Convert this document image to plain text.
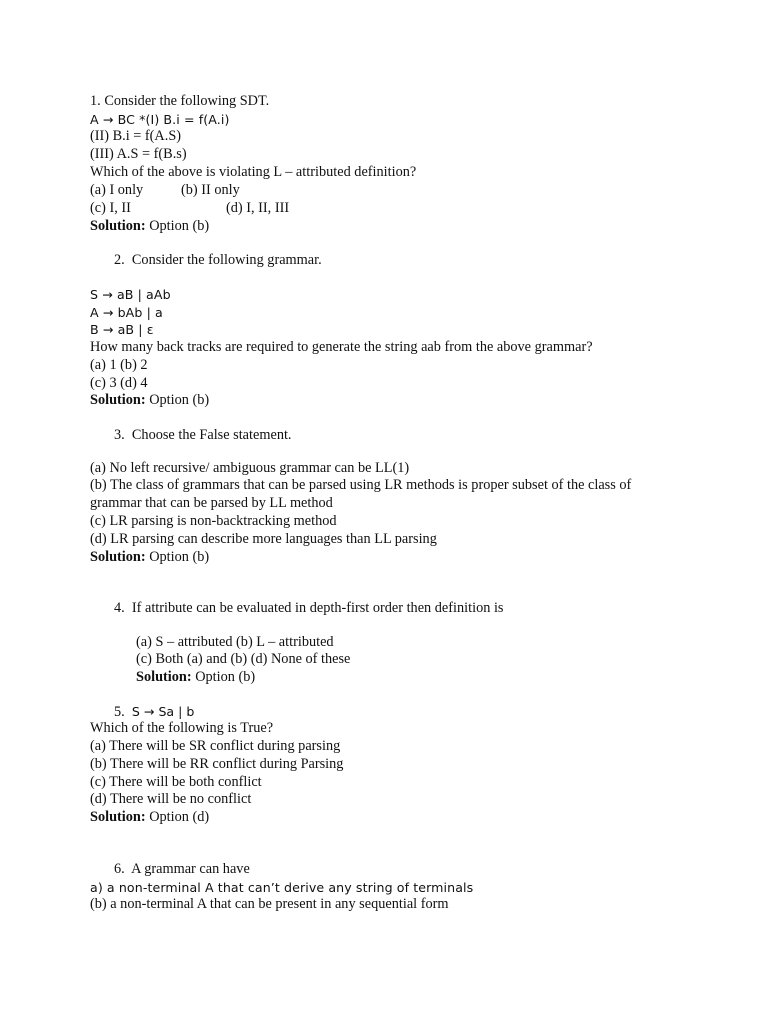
1. Consider the following SDT.
A → BC *(I) B.i = f(A.i)
(II) B.i = f(A.S)
(III) A.S = f(B.s)
Which of the above is violating L – attributed definition?
(a) I only	(b) II only
(c) I, II	(d) I, II, III
Solution: Option (b)
2. Consider the following grammar.
S → aB | aAb
A → bAb | a
B → aB | ε
How many back tracks are required to generate the string aab from the above grammar?
(a) 1 (b) 2
(c) 3 (d) 4
Solution: Option (b)
3. Choose the False statement.
(a) No left recursive/ ambiguous grammar can be LL(1)
(b) The class of grammars that can be parsed using LR methods is proper subset of the class of
grammar that can be parsed by LL method
(c) LR parsing is non-backtracking method
(d) LR parsing can describe more languages than LL parsing
Solution: Option (b)
4. If attribute can be evaluated in depth-first order then definition is
(a) S – attributed (b) L – attributed
(c) Both (a) and (b) (d) None of these
Solution: Option (b)
5. S → Sa | b
Which of the following is True?
(a) There will be SR conflict during parsing
(b) There will be RR conflict during Parsing
(c) There will be both conflict
(d) There will be no conflict
Solution: Option (d)
6. A grammar can have
a) a non-terminal A that can’t derive any string of terminals
(b) a non-terminal A that can be present in any sequential form
